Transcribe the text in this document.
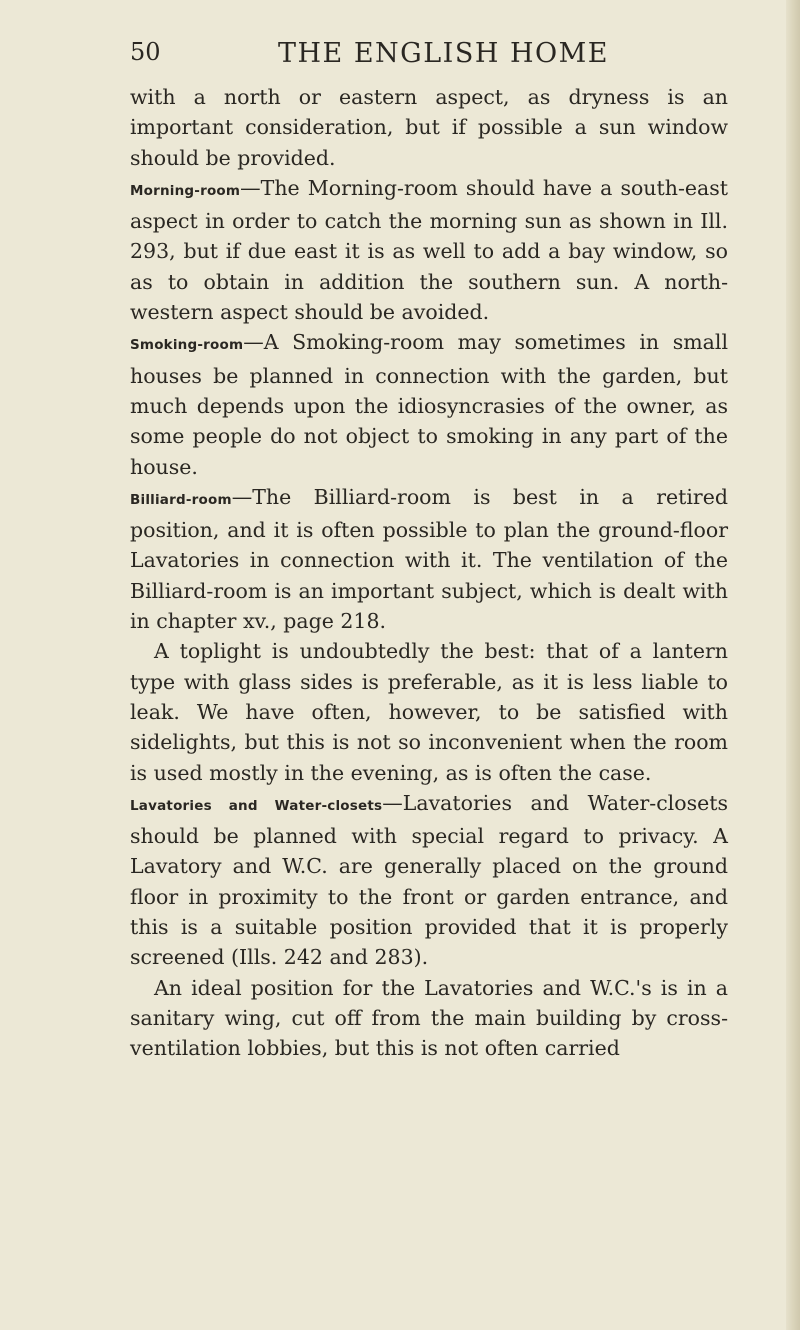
50	THE ENGLISH HOME

with a north or eastern aspect, as dryness is an important consideration, but if possible a sun window should be provided.

Morning-room—The Morning-room should have a south-east aspect in order to catch the morning sun as shown in Ill. 293, but if due east it is as well to add a bay window, so as to obtain in addition the southern sun. A north-western aspect should be avoided.

Smoking-room—A Smoking-room may sometimes in small houses be planned in connection with the garden, but much depends upon the idiosyncrasies of the owner, as some people do not object to smoking in any part of the house.

Billiard-room—The Billiard-room is best in a retired position, and it is often possible to plan the ground-floor Lavatories in connection with it. The ventilation of the Billiard-room is an important subject, which is dealt with in chapter xv., page 218.

A toplight is undoubtedly the best: that of a lantern type with glass sides is preferable, as it is less liable to leak. We have often, however, to be satisfied with sidelights, but this is not so inconvenient when the room is used mostly in the evening, as is often the case.

Lavatories and Water-closets—Lavatories and Water-closets should be planned with special regard to privacy. A Lavatory and W.C. are generally placed on the ground floor in proximity to the front or garden entrance, and this is a suitable position provided that it is properly screened (Ills. 242 and 283).

An ideal position for the Lavatories and W.C.'s is in a sanitary wing, cut off from the main building by cross-ventilation lobbies, but this is not often carried
